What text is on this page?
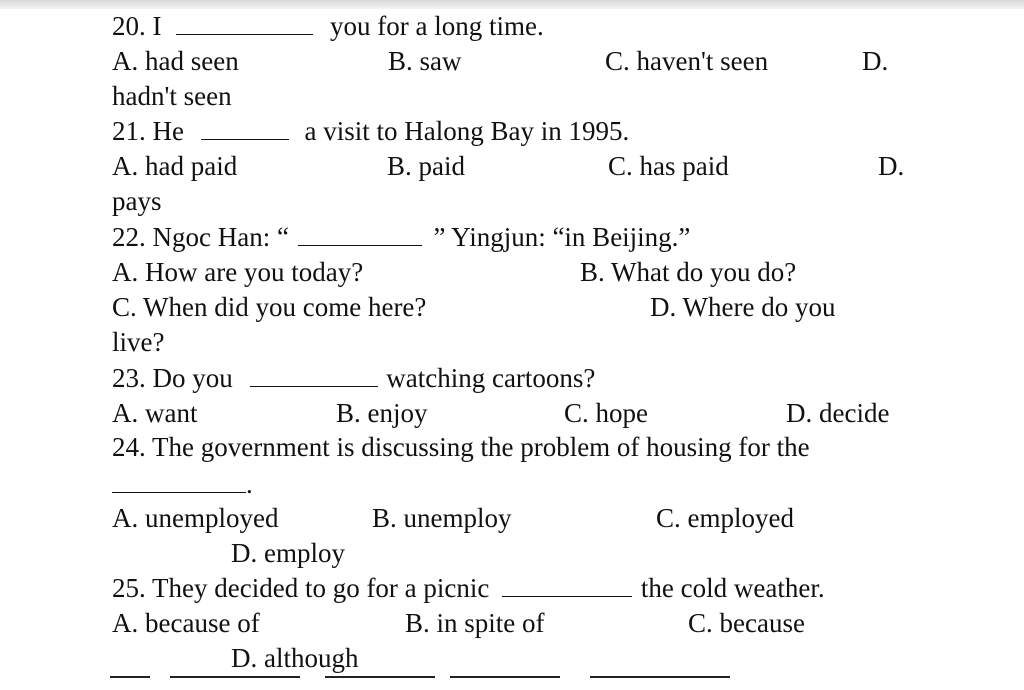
20. I	you for a long time.
A. had seen	B. saw	C. haven't seen	D.
hadn't seen
21. He	a visit to Halong Bay in 1995.
A. had paid	B. paid	C. has paid	D.
pays
22. Ngoc Han: “	” Yingjun: “in Beijing.”
A. How are you today?	B. What do you do?
C. When did you come here?	D. Where do you
live?
23. Do you	watching cartoons?
A. want	B. enjoy	C. hope	D. decide
24. The government is discussing the problem of housing for the
.
A. unemployed	B. unemploy	C. employed
D. employ
25. They decided to go for a picnic	the cold weather.
A. because of	B. in spite of	C. because
D. although
